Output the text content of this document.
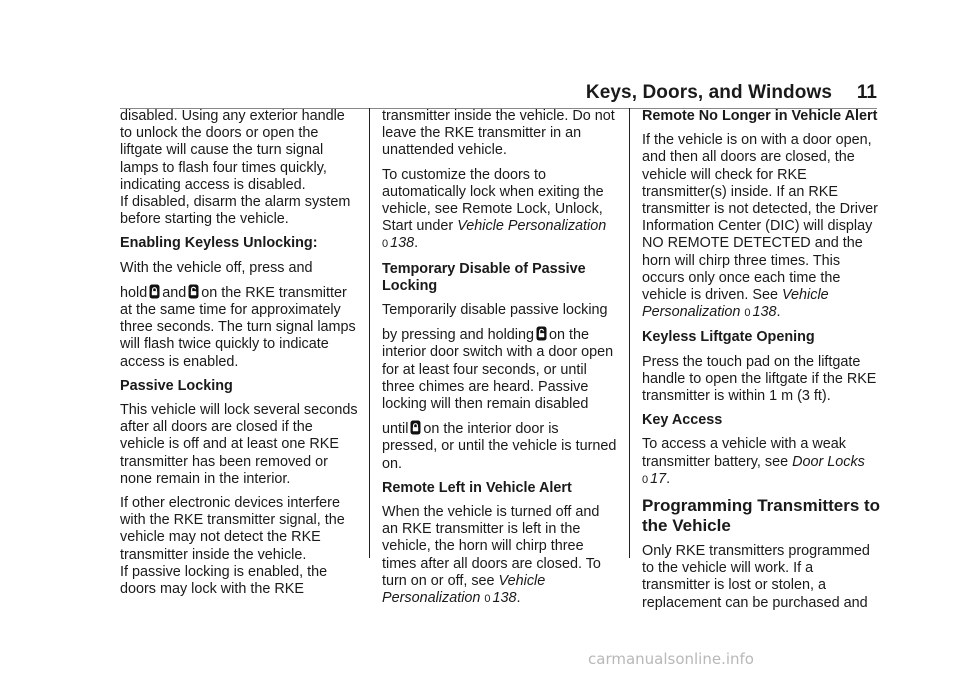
Keys, Doors, and Windows 11

disabled. Using any exterior handle to unlock the doors or open the liftgate will cause the turn signal lamps to flash four times quickly, indicating access is disabled.

If disabled, disarm the alarm system before starting the vehicle.

Enabling Keyless Unlocking:

With the vehicle off, press and

hold and on the RKE transmitter at the same time for approximately three seconds. The turn signal lamps will flash twice quickly to indicate access is enabled.

Passive Locking

This vehicle will lock several seconds after all doors are closed if the vehicle is off and at least one RKE transmitter has been removed or none remain in the interior.

If other electronic devices interfere with the RKE transmitter signal, the vehicle may not detect the RKE transmitter inside the vehicle.

If passive locking is enabled, the doors may lock with the RKE

transmitter inside the vehicle. Do not leave the RKE transmitter in an unattended vehicle.

To customize the doors to automatically lock when exiting the vehicle, see Remote Lock, Unlock, Start under Vehicle Personalization
0 138.

Temporary Disable of Passive Locking

Temporarily disable passive locking

by pressing and holding on the interior door switch with a door open for at least four seconds, or until three chimes are heard. Passive locking will then remain disabled

until on the interior door is pressed, or until the vehicle is turned on.

Remote Left in Vehicle Alert

When the vehicle is turned off and an RKE transmitter is left in the vehicle, the horn will chirp three times after all doors are closed. To turn on or off, see Vehicle Personalization 0 138.

Remote No Longer in Vehicle Alert

If the vehicle is on with a door open, and then all doors are closed, the vehicle will check for RKE transmitter(s) inside. If an RKE transmitter is not detected, the Driver Information Center (DIC) will display NO REMOTE DETECTED and the horn will chirp three times. This occurs only once each time the vehicle is driven. See Vehicle Personalization 0 138.

Keyless Liftgate Opening

Press the touch pad on the liftgate handle to open the liftgate if the RKE transmitter is within 1 m (3 ft).

Key Access

To access a vehicle with a weak transmitter battery, see Door Locks
0 17.

Programming Transmitters to the Vehicle

Only RKE transmitters programmed to the vehicle will work. If a transmitter is lost or stolen, a replacement can be purchased and

carmanualsonline.info
